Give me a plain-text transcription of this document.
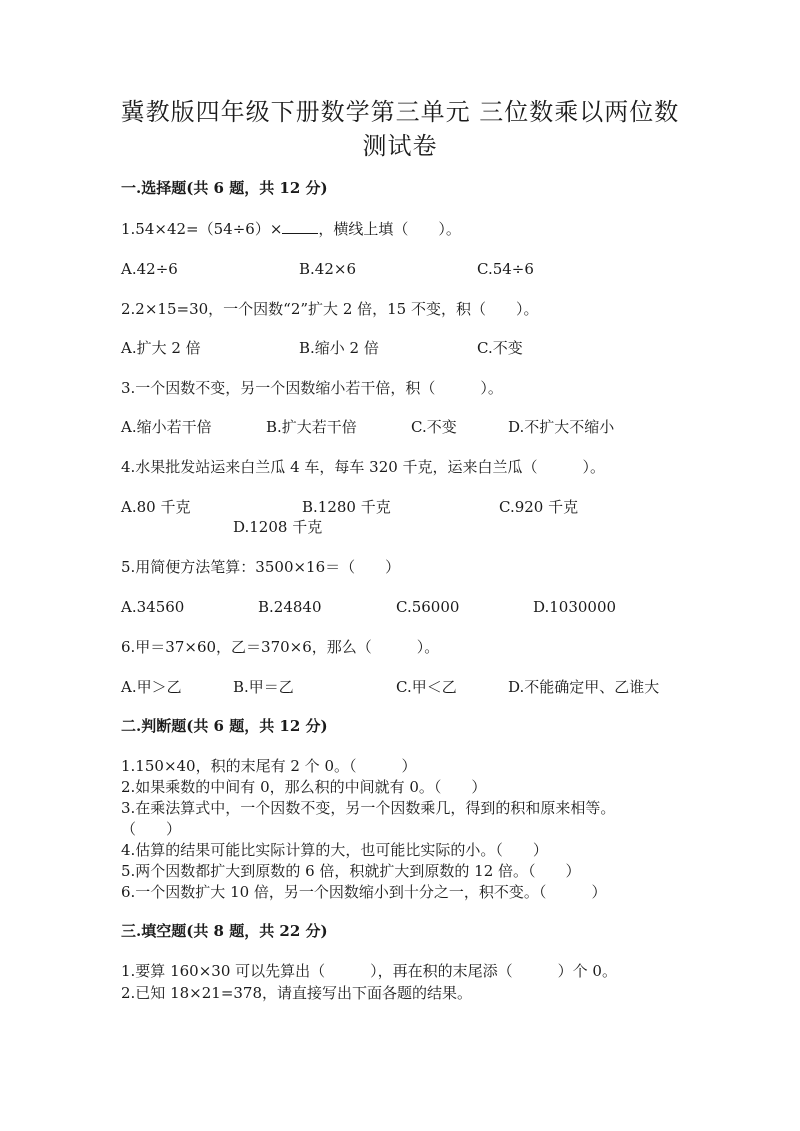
冀教版四年级下册数学第三单元 三位数乘以两位数
测试卷
一.选择题(共 6 题，共 12 分)
1.54×42=（54÷6）× ，横线上填（　　）。
A.42÷6	B.42×6	C.54÷6
2.2×15=30，一个因数“2”扩大 2 倍，15 不变，积（　　）。
A.扩大 2 倍	B.缩小 2 倍	C.不变
3.一个因数不变，另一个因数缩小若干倍，积（　　　）。
A.缩小若干倍	B.扩大若干倍	C.不变	D.不扩大不缩小
4.水果批发站运来白兰瓜 4 车，每车 320 千克，运来白兰瓜（　　　）。
A.80 千克	B.1280 千克	C.920 千克
D.1208 千克
5.用简便方法笔算：3500×16＝（　　）
A.34560	B.24840	C.56000	D.1030000
6.甲＝37×60，乙＝370×6，那么（　　　）。
A.甲＞乙	B.甲＝乙	C.甲＜乙	D.不能确定甲、乙谁大
二.判断题(共 6 题，共 12 分)
1.150×40，积的末尾有 2 个 0。（　　　）
2.如果乘数的中间有 0，那么积的中间就有 0。（　　）
3.在乘法算式中，一个因数不变，另一个因数乘几，得到的积和原来相等。
（　　）
4.估算的结果可能比实际计算的大，也可能比实际的小。（　　）
5.两个因数都扩大到原数的 6 倍，积就扩大到原数的 12 倍。（　　）
6.一个因数扩大 10 倍，另一个因数缩小到十分之一，积不变。（　　　）
三.填空题(共 8 题，共 22 分)
1.要算 160×30 可以先算出（　　　），再在积的末尾添（　　　）个 0。
2.已知 18×21=378，请直接写出下面各题的结果。
